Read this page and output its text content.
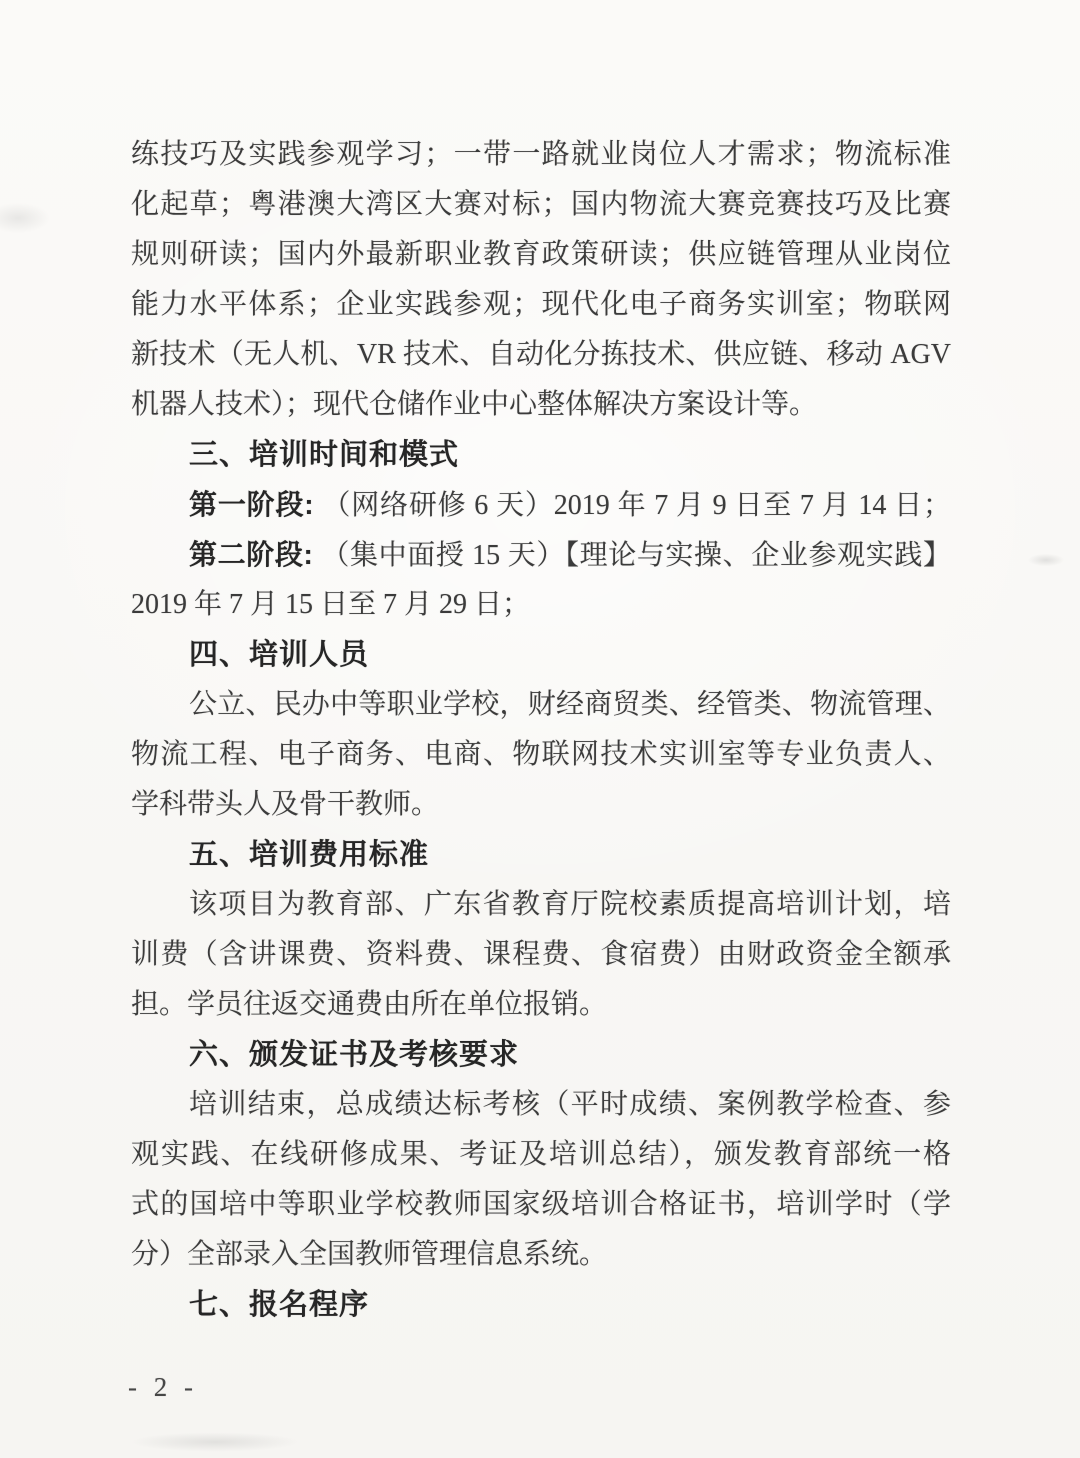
练技巧及实践参观学习；一带一路就业岗位人才需求；物流标准
化起草；粤港澳大湾区大赛对标；国内物流大赛竞赛技巧及比赛
规则研读；国内外最新职业教育政策研读；供应链管理从业岗位
能力水平体系；企业实践参观；现代化电子商务实训室；物联网
新技术（无人机、VR 技术、自动化分拣技术、供应链、移动 AGV
机器人技术）；现代仓储作业中心整体解决方案设计等。
三、培训时间和模式
第一阶段: （网络研修 6 天）2019 年 7 月 9 日至 7 月 14 日；
第二阶段: （集中面授 15 天）【理论与实操、企业参观实践】
2019 年 7 月 15 日至 7 月 29 日；
四、培训人员
公立、民办中等职业学校，财经商贸类、经管类、物流管理、
物流工程、电子商务、电商、物联网技术实训室等专业负责人、
学科带头人及骨干教师。
五、培训费用标准
该项目为教育部、广东省教育厅院校素质提高培训计划，培
训费（含讲课费、资料费、课程费、食宿费）由财政资金全额承
担。学员往返交通费由所在单位报销。
六、颁发证书及考核要求
培训结束，总成绩达标考核（平时成绩、案例教学检查、参
观实践、在线研修成果、考证及培训总结），颁发教育部统一格
式的国培中等职业学校教师国家级培训合格证书，培训学时（学
分）全部录入全国教师管理信息系统。
七、报名程序
- 2 -
